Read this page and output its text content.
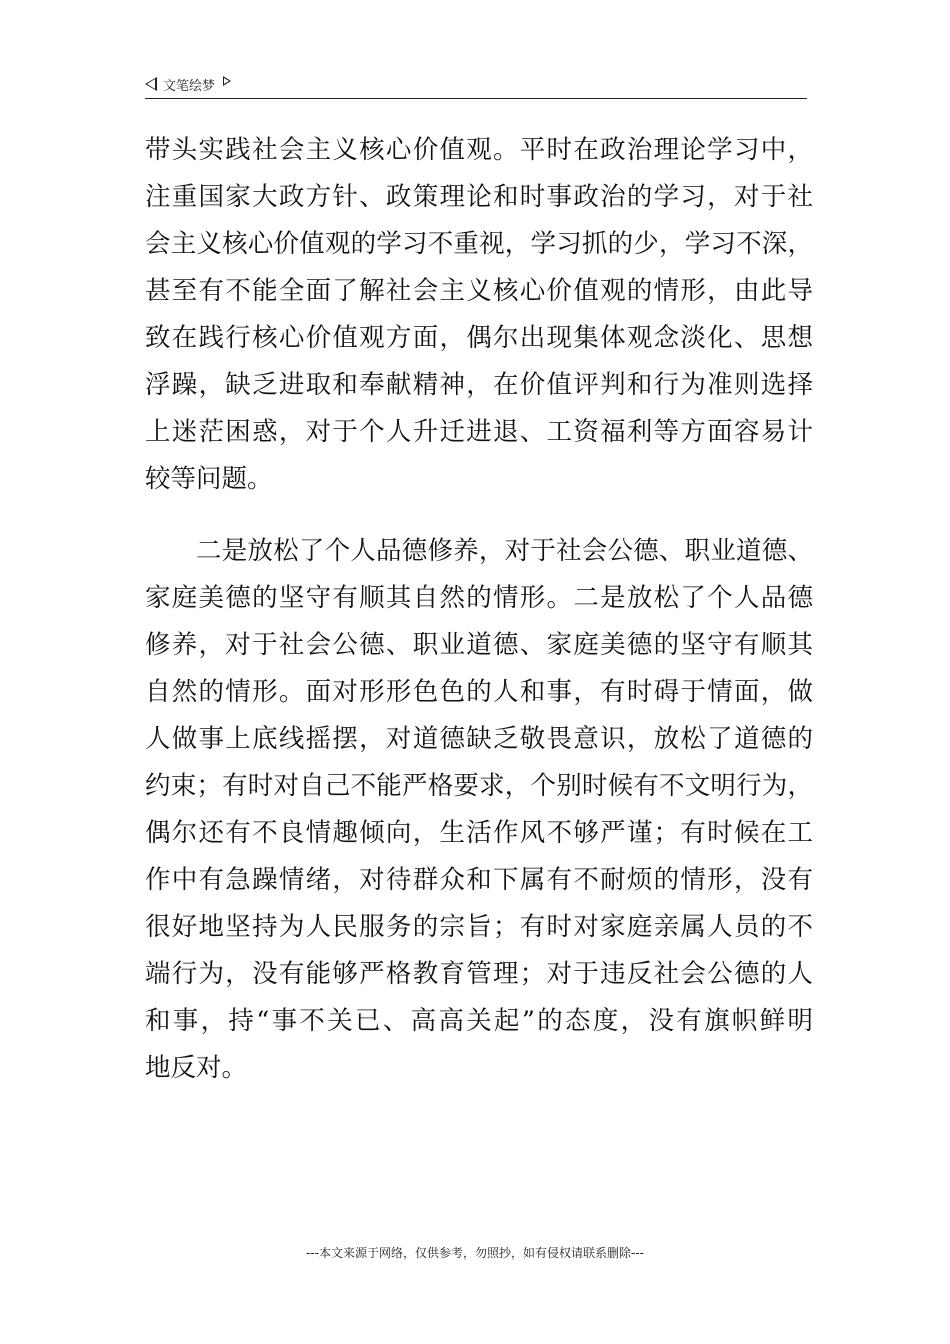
文笔绘梦
带头实践社会主义核心价值观。平时在政治理论学习中，
注重国家大政方针、政策理论和时事政治的学习，对于社
会主义核心价值观的学习不重视，学习抓的少，学习不深，
甚至有不能全面了解社会主义核心价值观的情形，由此导
致在践行核心价值观方面，偶尔出现集体观念淡化、思想
浮躁，缺乏进取和奉献精神，在价值评判和行为准则选择
上迷茫困惑，对于个人升迁进退、工资福利等方面容易计
较等问题。
二是放松了个人品德修养，对于社会公德、职业道德、
家庭美德的坚守有顺其自然的情形。二是放松了个人品德
修养，对于社会公德、职业道德、家庭美德的坚守有顺其
自然的情形。面对形形色色的人和事，有时碍于情面，做
人做事上底线摇摆，对道德缺乏敬畏意识，放松了道德的
约束；有时对自己不能严格要求，个别时候有不文明行为，
偶尔还有不良情趣倾向，生活作风不够严谨；有时候在工
作中有急躁情绪，对待群众和下属有不耐烦的情形，没有
很好地坚持为人民服务的宗旨；有时对家庭亲属人员的不
端行为，没有能够严格教育管理；对于违反社会公德的人
和事，持“事不关已、高高关起”的态度，没有旗帜鲜明
地反对。
---本文来源于网络，仅供参考，勿照抄，如有侵权请联系删除---
